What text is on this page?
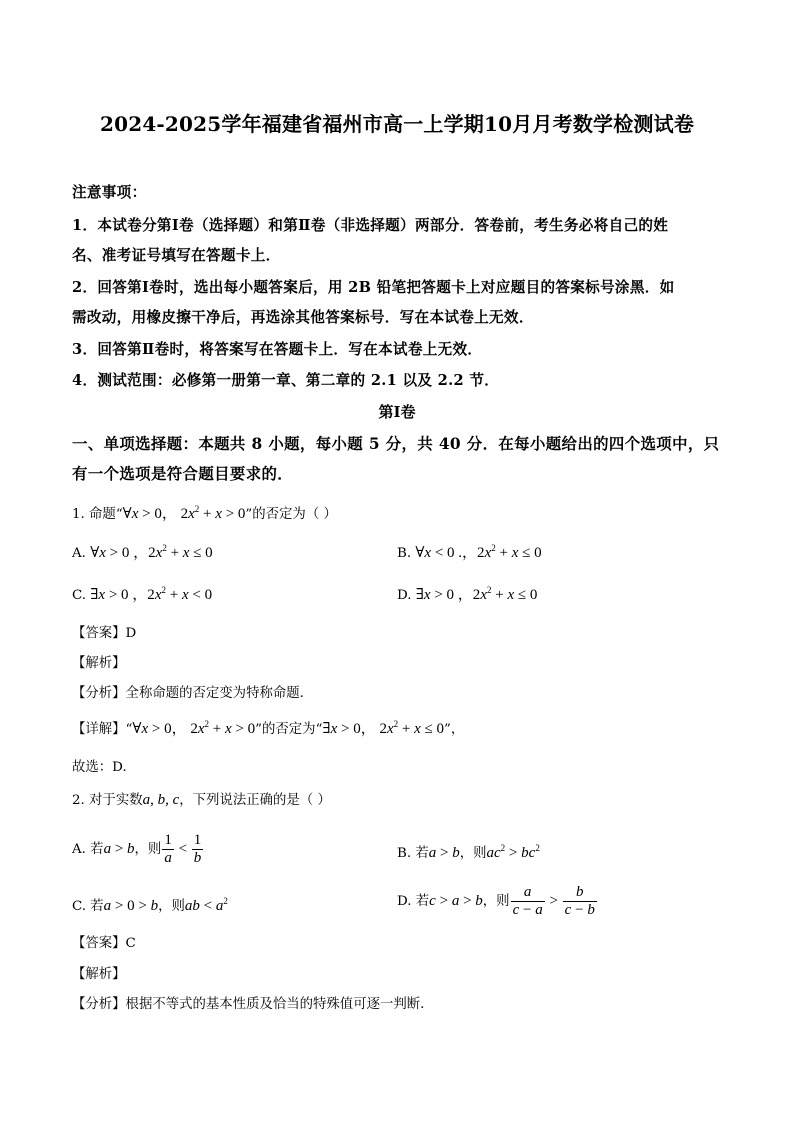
2024-2025学年福建省福州市高一上学期10月月考数学检测试卷
注意事项：
1．本试卷分第Ⅰ卷（选择题）和第Ⅱ卷（非选择题）两部分．答卷前，考生务必将自己的姓
名、准考证号填写在答题卡上．
2．回答第Ⅰ卷时，选出每小题答案后，用 2B 铅笔把答题卡上对应题目的答案标号涂黑．如
需改动，用橡皮擦干净后，再选涂其他答案标号．写在本试卷上无效．
3．回答第Ⅱ卷时，将答案写在答题卡上．写在本试卷上无效．
4．测试范围：必修第一册第一章、第二章的 2.1 以及 2.2 节．
第Ⅰ卷
一、单项选择题：本题共 8 小题，每小题 5 分，共 40 分．在每小题给出的四个选项中，只
有一个选项是符合题目要求的．
1. 命题“∀x > 0， $2x^2 + x > 0$”的否定为（ ）
A. ∀x > 0 ，$2x^2 + x \le 0$	B. ∀x < 0 .，$2x^2 + x \le 0$
C. ∃x > 0 ，$2x^2 + x < 0$	D. ∃x > 0 ，$2x^2 + x \le 0$
【答案】D
【解析】
【分析】全称命题的否定变为特称命题.
【详解】“∀x > 0， $2x^2 + x > 0$”的否定为“∃x > 0， $2x^2 + x \le 0$”，
故选：D.
2. 对于实数a, b, c，下列说法正确的是（ ）
A. 若a > b，则 $\frac{1}{a} < \frac{1}{b}$	B. 若a > b，则$ac^2 > bc^2$
C. 若a > 0 > b，则ab < $a^2$	D. 若c > a > b，则 $\frac{a}{c - a} > \frac{b}{c - b}$
【答案】C
【解析】
【分析】根据不等式的基本性质及恰当的特殊值可逐一判断.
